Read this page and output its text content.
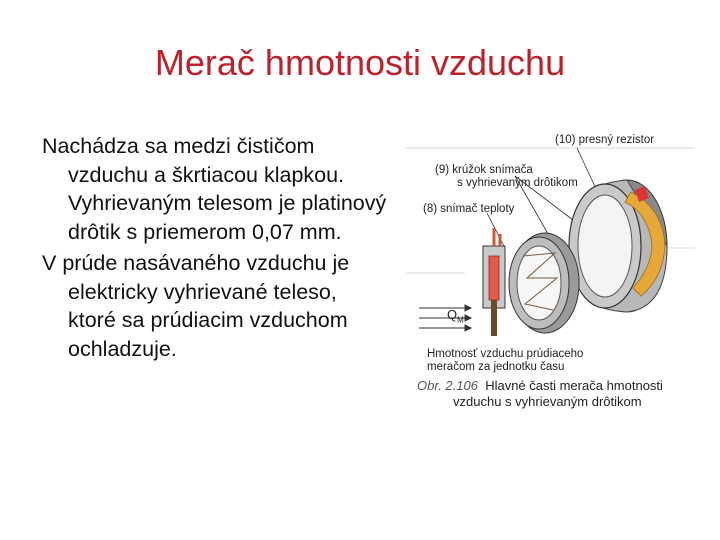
Merač hmotnosti vzduchu

Nachádza sa medzi čističom vzduchu a škrtiacou klapkou. Vyhrievaným telesom je platinový drôtik s priemerom 0,07 mm.

V prúde nasávaného vzduchu je elektricky vyhrievané teleso, ktoré sa prúdiacim vzduchom ochladzuje.

(10) presný rezistor
(9) krúžok snímača
s vyhrievaným drôtikom
(8) snímač teploty
$Q_M$
Hmotnosť vzduchu prúdiaceho
meračom za jednotku času
Obr. 2.106 Hlavné časti merača hmotnosti
vzduchu s vyhrievaným drôtikom
